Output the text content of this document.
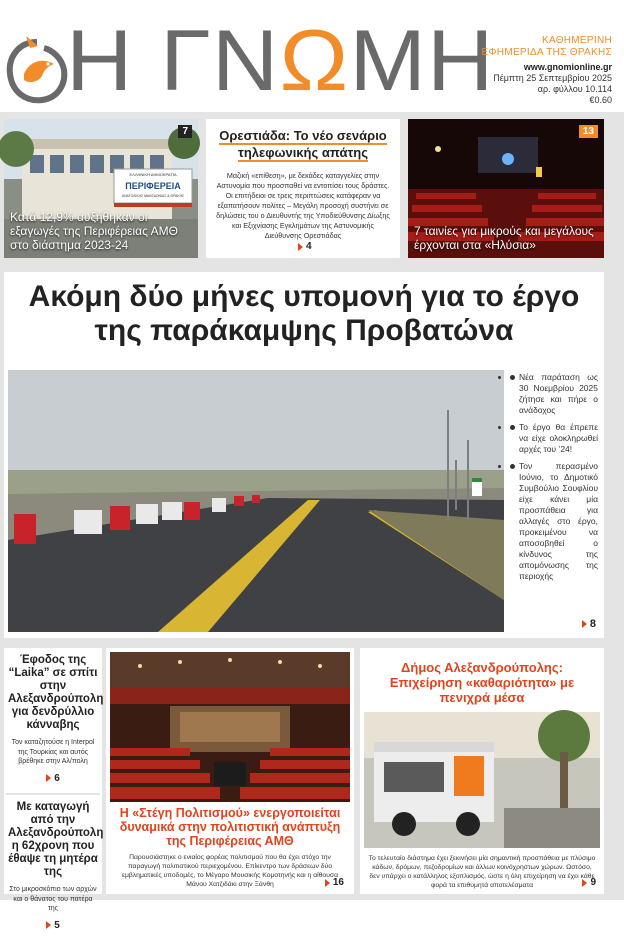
Η ΓΝΩΜΗ	ΚΑΘΗΜΕΡΙΝΗ
ΕΦΗΜΕΡΙΔΑ ΤΗΣ ΘΡΑΚΗΣ
www.gnomionline.gr
Πέμπτη 25 Σεπτεμβρίου 2025
αρ. φύλλου 10.114
€0.60
ΕΛΛΗΝΙΚΗ ΔΗΜΟΚΡΑΤΙΑ
ΠΕΡΙΦΕΡΕΙΑ
ΑΝΑΤΟΛΙΚΗΣ ΜΑΚΕΔΟΝΙΑΣ & ΘΡΑΚΗΣ
7
Κατά 12,9% αυξήθηκαν οι εξαγωγές της Περιφέρειας ΑΜΘ στο διάστημα 2023-24
Ορεστιάδα: Το νέο σενάριο τηλεφωνικής απάτης
Μαζική «επίθεση», με δεκάδες καταγγελίες στην Αστυνομία που προσπαθεί να εντοπίσει τους δράστες. Οι επιτήδειοι σε τρεις περιπτώσεις κατάφεραν να εξαπατήσουν πολίτες – Μεγάλη προσοχή συστήνει σε δηλώσεις του ο Διευθυντής της Υποδιεύθυνσης Δίωξης και Εξιχνίασης Εγκλημάτων της Αστυνομικής Διεύθυνσης Ορεστιάδας
4
13
7 ταινίες για μικρούς και μεγάλους έρχονται στα «Ηλύσια»
Ακόμη δύο μήνες υπομονή για το έργο της παράκαμψης Προβατώνα
• Νέα παράταση ως 30 Νοεμβρίου 2025 ζήτησε και πήρε ο ανάδοχος
• Το έργο θα έπρεπε να είχε ολοκληρωθεί αρχές του ’24!
• Τον περασμένο Ιούνιο, το Δημοτικό Συμβούλιο Σουφλίου είχε κάνει μία προσπάθεια για αλλαγές στο έργο, προκειμένου να αποσοβηθεί ο κίνδυνος της απομόνωσης της περιοχής
8
Έφοδος της “Laika” σε σπίτι στην Αλεξανδρούπολη για δενδρύλλιο κάνναβης
Τον καταζητούσε η Interpol της Τουρκίας και αυτός βρέθηκε στην Αλ/πολη
6
Με καταγωγή από την Αλεξανδρούπολη η 62χρονη που έθαψε τη μητέρα της
Στο μικροσκόπιο των αρχών και ο θάνατος του πατέρα της
5
Η «Στέγη Πολιτισμού» ενεργοποιείται δυναμικά στην πολιτιστική ανάπτυξη της Περιφέρειας ΑΜΘ
Παρουσιάστηκε ο ενιαίος φορέας πολιτισμού που θα έχει στόχο την παραγωγή πολιτιστικού περιεχομένου. Επίκεντρο των δράσεων δύο εμβληματικές υποδομές, το Μέγαρο Μουσικής Κομοτηνής και η αίθουσα Μάνου Χατζιδάκι στην Ξάνθη	16
Δήμος Αλεξανδρούπολης: Επιχείρηση «καθαριότητα» με πενιχρά μέσα
Το τελευταίο διάστημα έχει ξεκινήσει μία σημαντική προσπάθεια με πλύσιμο κάδων, δρόμων, πεζοδρομίων και άλλων κοινόχρηστων χώρων. Ωστόσο, δεν υπάρχει ο κατάλληλος εξοπλισμός, ώστε η όλη επιχείρηση να έχει κάθε φορά τα επιθυμητά αποτελέσματα	9
